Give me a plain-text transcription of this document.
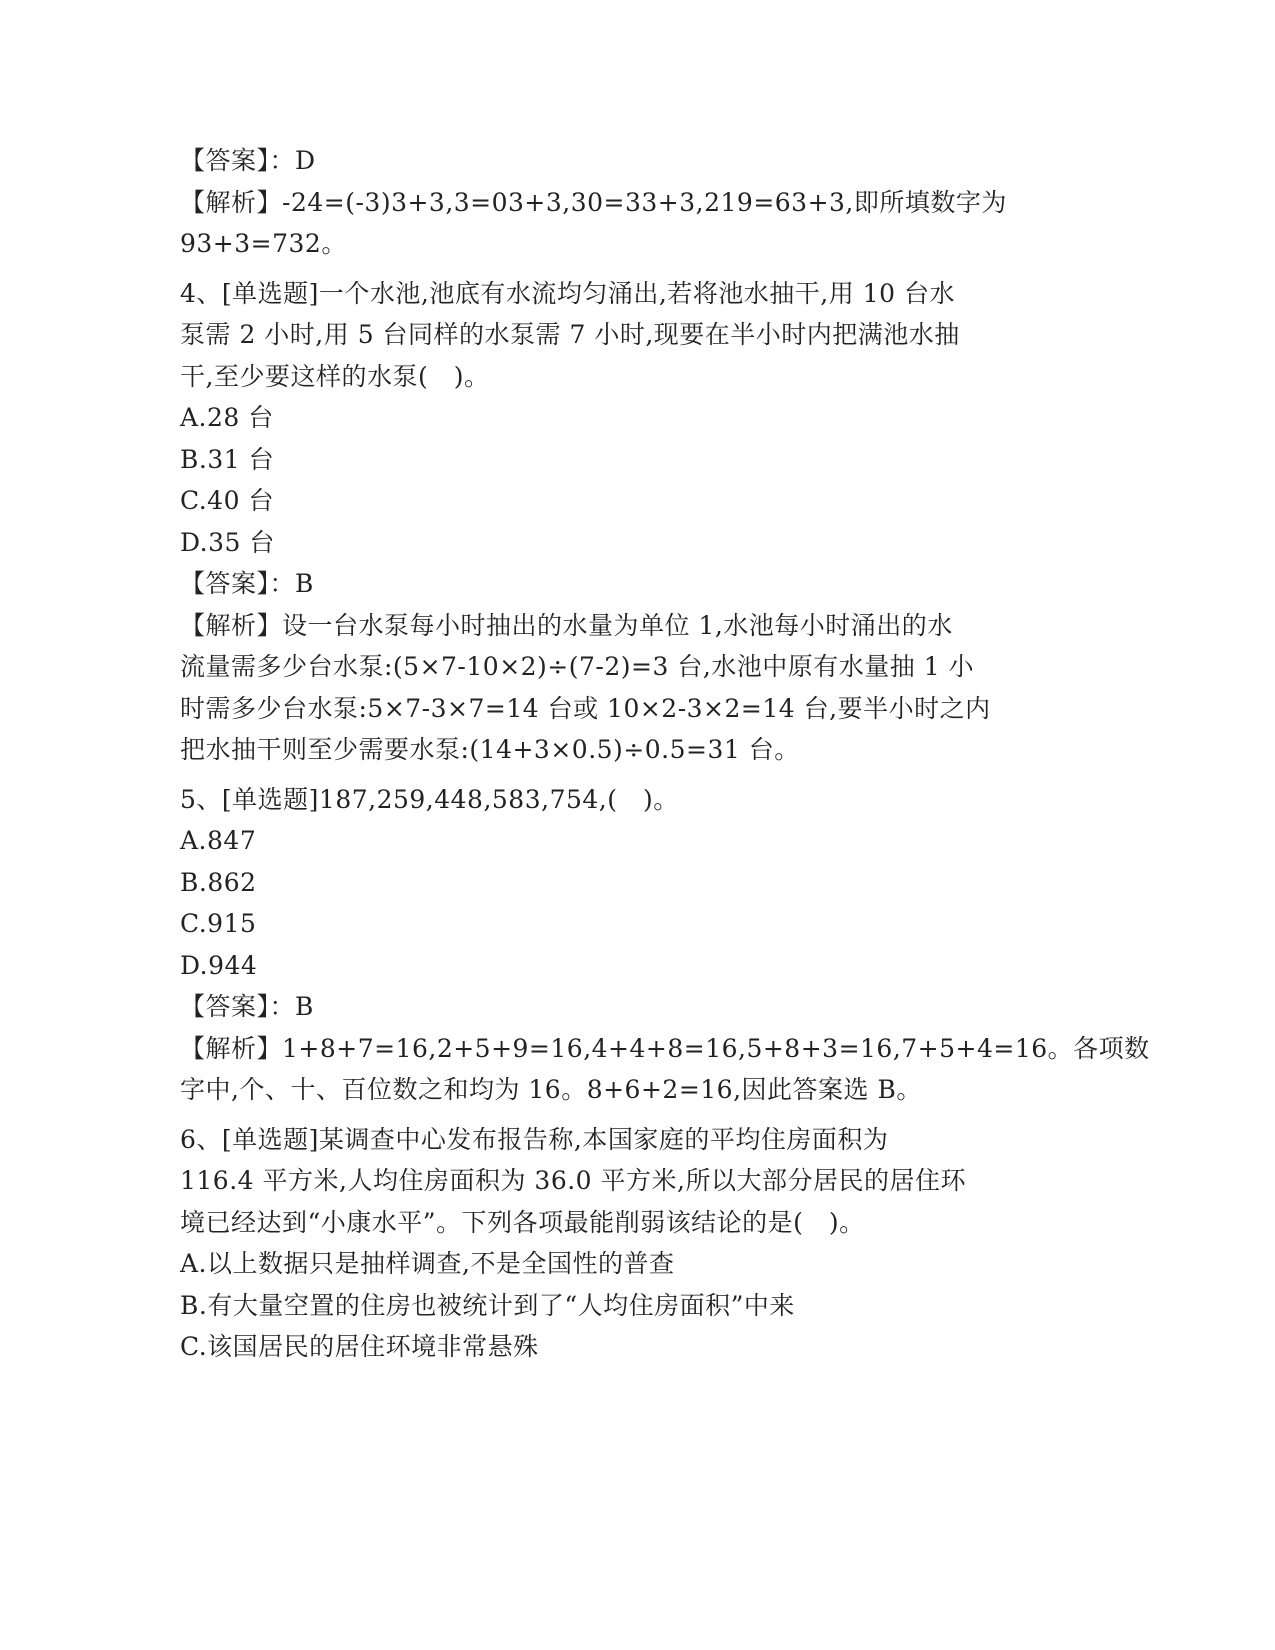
【答案】：D
【解析】-24=(-3)3+3,3=03+3,30=33+3,219=63+3,即所填数字为
93+3=732。
4、[单选题]一个水池,池底有水流均匀涌出,若将池水抽干,用 10 台水
泵需 2 小时,用 5 台同样的水泵需 7 小时,现要在半小时内把满池水抽
干,至少要这样的水泵(　)。
A.28 台
B.31 台
C.40 台
D.35 台
【答案】：B
【解析】设一台水泵每小时抽出的水量为单位 1,水池每小时涌出的水
流量需多少台水泵:(5×7-10×2)÷(7-2)=3 台,水池中原有水量抽 1 小
时需多少台水泵:5×7-3×7=14 台或 10×2-3×2=14 台,要半小时之内
把水抽干则至少需要水泵:(14+3×0.5)÷0.5=31 台。
5、[单选题]187,259,448,583,754,(　)。
A.847
B.862
C.915
D.944
【答案】：B
【解析】1+8+7=16,2+5+9=16,4+4+8=16,5+8+3=16,7+5+4=16。各项数
字中,个、十、百位数之和均为 16。8+6+2=16,因此答案选 B。
6、[单选题]某调查中心发布报告称,本国家庭的平均住房面积为
116.4 平方米,人均住房面积为 36.0 平方米,所以大部分居民的居住环
境已经达到“小康水平”。下列各项最能削弱该结论的是(　)。
A.以上数据只是抽样调查,不是全国性的普查
B.有大量空置的住房也被统计到了“人均住房面积”中来
C.该国居民的居住环境非常悬殊
